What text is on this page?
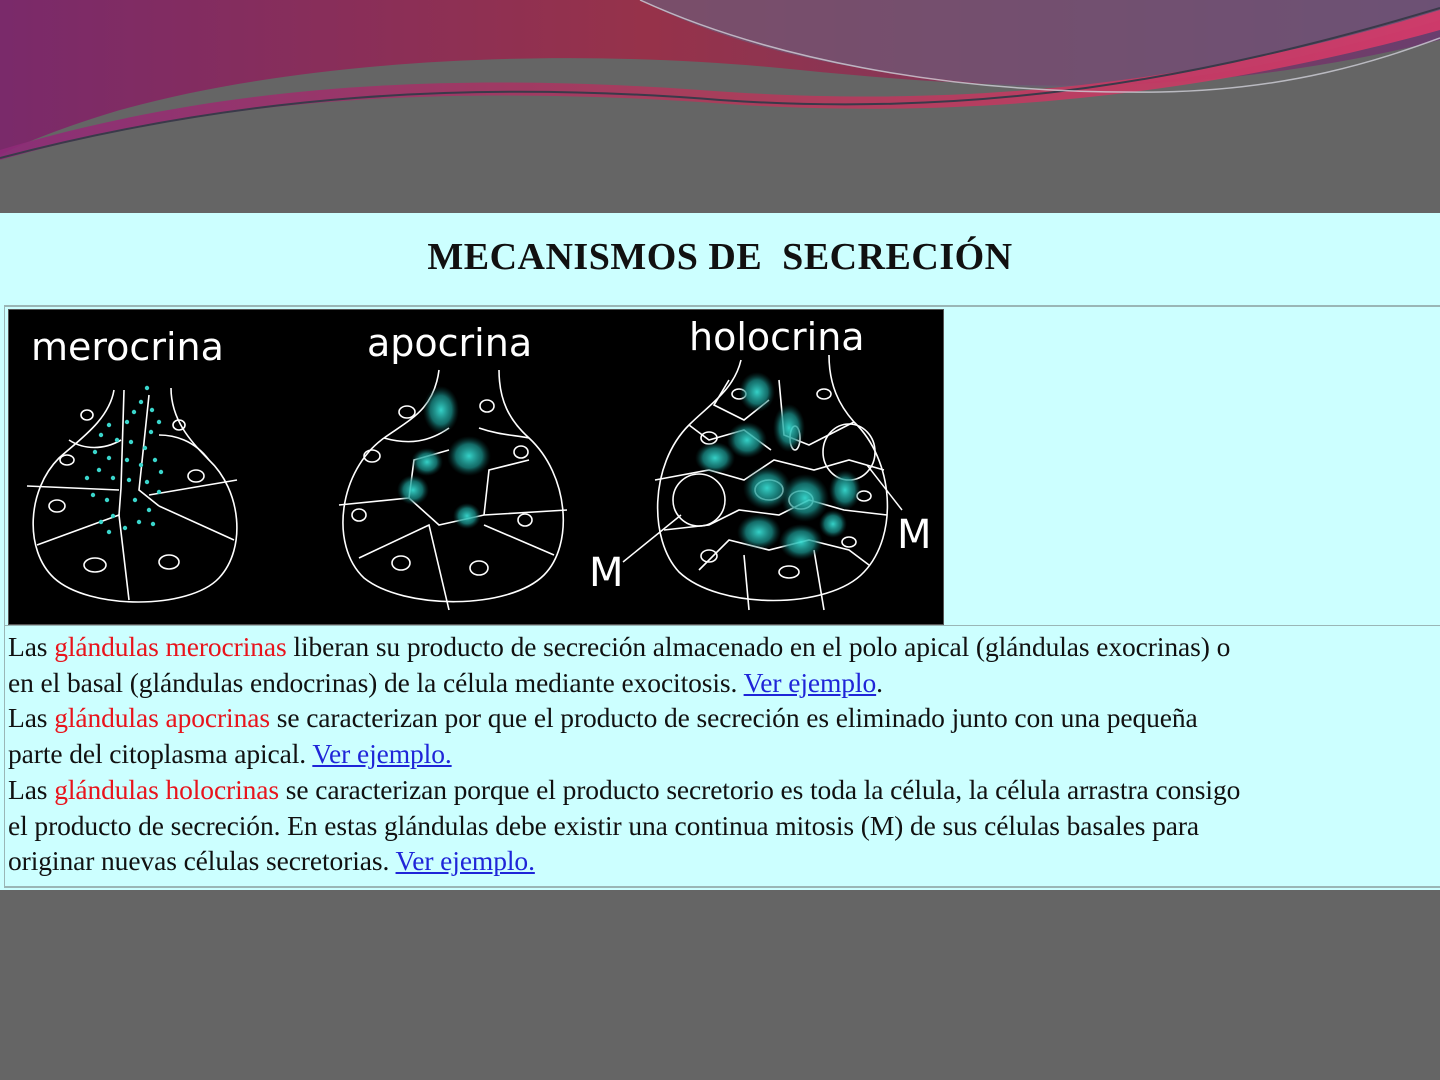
MECANISMOS DE  SECRECIÓN
merocrina	apocrina	holocrina
M
M
Las glándulas merocrinas liberan su producto de secreción almacenado en el polo apical (glándulas exocrinas) o
en el basal (glándulas endocrinas) de la célula mediante exocitosis. Ver ejemplo.
Las glándulas apocrinas se caracterizan por que el producto de secreción es eliminado junto con una pequeña
parte del citoplasma apical. Ver ejemplo.
Las glándulas holocrinas se caracterizan porque el producto secretorio es toda la célula, la célula arrastra consigo
el producto de secreción. En estas glándulas debe existir una continua mitosis (M) de sus células basales para
originar nuevas células secretorias. Ver ejemplo.
